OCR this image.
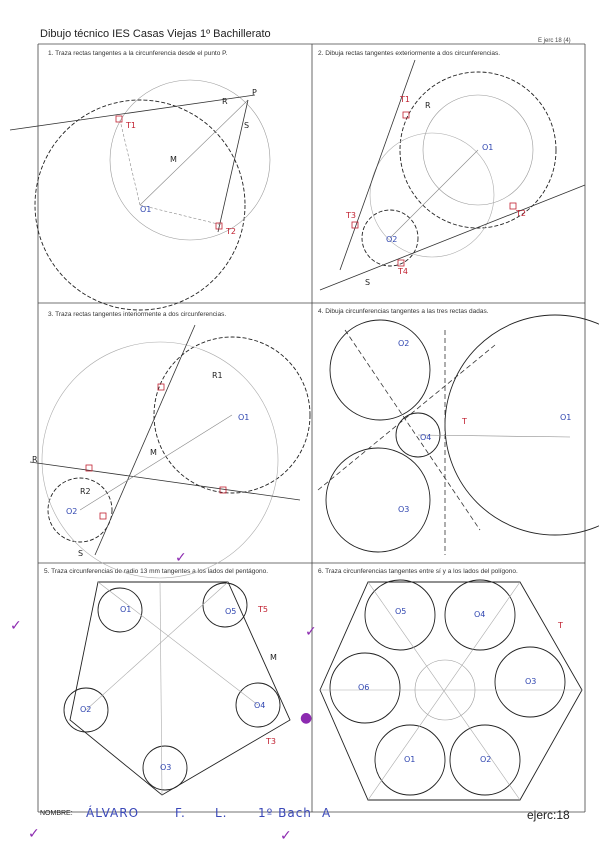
Dibujo técnico IES Casas Viejas 1º Bachillerato
E jerc 18 (4)
1. Traza rectas tangentes a la circunferencia desde el punto P.	2. Dibuja rectas tangentes exteriormente a dos circunferencias.
3. Traza rectas tangentes interiormente a dos circunferencias.	4. Dibuja circunferencias tangentes a las tres rectas dadas.
5. Traza circunferencias de radio 13 mm tangentes a los lados del pentágono.	6. Traza circunferencias tangentes entre sí y a los lados del polígono.
P
R
S
T1
T2
O1
M
O1
O2
T1
T2
T3
T4
S
R
O1
O2
R1
R2
R
S
M
O2
O4
O3
O1
T
O1	O5
O2	O4
O3
T5
T3
M
O5	O4
O6
O3
O1	O2
T
✓
✓
✓
●
✓
✓
NOMBRE: ÁLVARO	F. L.	1º Bach A	ejerc:18
